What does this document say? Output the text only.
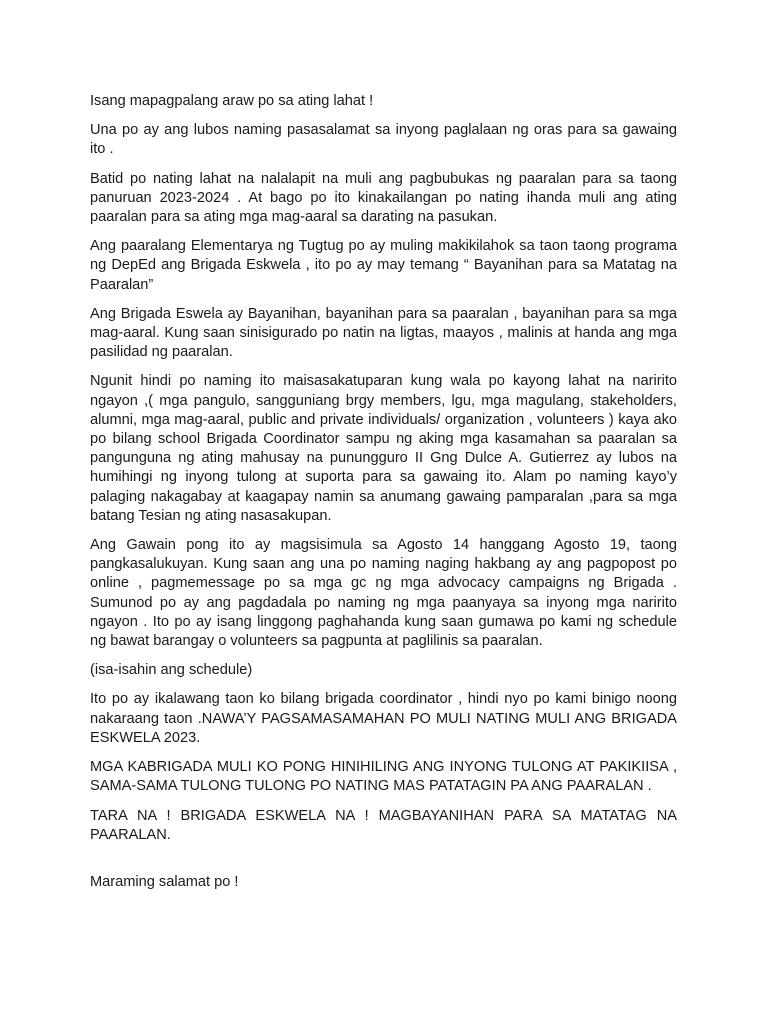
Isang mapagpalang araw po sa ating lahat !

Una po ay ang lubos naming pasasalamat sa inyong paglalaan ng oras para sa gawaing ito .

Batid po nating lahat na nalalapit na muli ang pagbubukas ng paaralan para sa taong panuruan 2023-2024 . At bago po ito kinakailangan po nating ihanda muli ang ating paaralan para sa ating mga mag-aaral sa darating na pasukan.

Ang paaralang Elementarya ng Tugtug po ay muling makikilahok sa taon taong programa ng DepEd ang Brigada Eskwela , ito po ay may temang “ Bayanihan para sa Matatag na Paaralan”

Ang Brigada Eswela ay Bayanihan, bayanihan para sa paaralan , bayanihan para sa mga mag-aaral. Kung saan sinisigurado po natin na ligtas, maayos , malinis at handa ang mga pasilidad ng paaralan.

Ngunit hindi po naming ito maisasakatuparan kung wala po kayong lahat na naririto ngayon ,( mga pangulo, sangguniang brgy members, lgu, mga magulang, stakeholders, alumni, mga mag-aaral, public and private individuals/ organization , volunteers ) kaya ako po bilang school Brigada Coordinator sampu ng aking mga kasamahan sa paaralan sa pangunguna ng ating mahusay na punungguro II Gng Dulce A. Gutierrez ay lubos na humihingi ng inyong tulong at suporta para sa gawaing ito. Alam po naming kayo’y palaging nakagabay at kaagapay namin sa anumang gawaing pamparalan ,para sa mga batang Tesian ng ating nasasakupan.

Ang Gawain pong ito ay magsisimula sa Agosto 14 hanggang Agosto 19, taong pangkasalukuyan. Kung saan ang una po naming naging hakbang ay ang pagpopost po online , pagmemessage po sa mga gc ng mga advocacy campaigns ng Brigada . Sumunod po ay ang pagdadala po naming ng mga paanyaya sa inyong mga naririto ngayon . Ito po ay isang linggong paghahanda kung saan gumawa po kami ng schedule ng bawat barangay o volunteers sa pagpunta at paglilinis sa paaralan.

(isa-isahin ang schedule)

Ito po ay ikalawang taon ko bilang brigada coordinator , hindi nyo po kami binigo noong nakaraang taon .NAWA’Y PAGSAMASAMAHAN PO MULI NATING MULI ANG BRIGADA ESKWELA 2023.

MGA KABRIGADA MULI KO PONG HINIHILING ANG INYONG TULONG AT PAKIKIISA , SAMA-SAMA TULONG TULONG PO NATING MAS PATATAGIN PA ANG PAARALAN .

TARA NA ! BRIGADA ESKWELA NA ! MAGBAYANIHAN PARA SA MATATAG NA PAARALAN.

Maraming salamat po !
